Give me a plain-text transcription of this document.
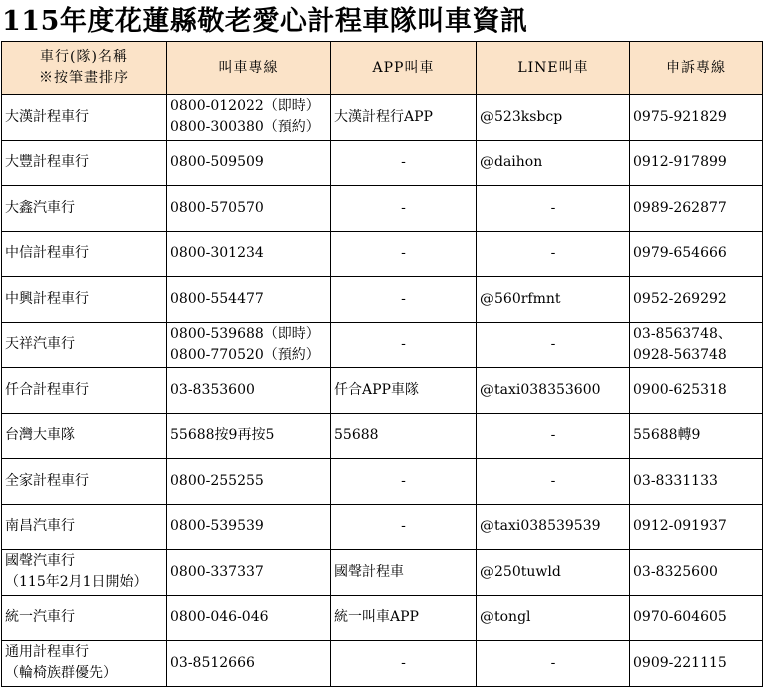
115年度花蓮縣敬老愛心計程車隊叫車資訊
車行(隊)名稱
※按筆畫排序	叫車專線	APP叫車	LINE叫車	申訴專線

大漢計程車行	0800-012022（即時）
0800-300380（預約）	大漢計程行APP	@523ksbcp	0975-921829

大豐計程車行	0800-509509	-	@daihon	0912-917899

大鑫汽車行	0800-570570	-	-	0989-262877

中信計程車行	0800-301234	-	-	0979-654666

中興計程車行	0800-554477	-	@560rfmnt	0952-269292

天祥汽車行	0800-539688（即時）
0800-770520（預約）	-	-	03-8563748、
0928-563748

仟合計程車行	03-8353600	仟合APP車隊	@taxi038353600	0900-625318

台灣大車隊	55688按9再按5	55688	-	55688轉9

全家計程車行	0800-255255	-	-	03-8331133

南昌汽車行	0800-539539	-	@taxi038539539	0912-091937

國聲汽車行
（115年2月1日開始）	0800-337337	國聲計程車	@250tuwld	03-8325600

統一汽車行	0800-046-046	統一叫車APP	@tongl	0970-604605

通用計程車行
（輪椅族群優先）	03-8512666	-	-	0909-221115
